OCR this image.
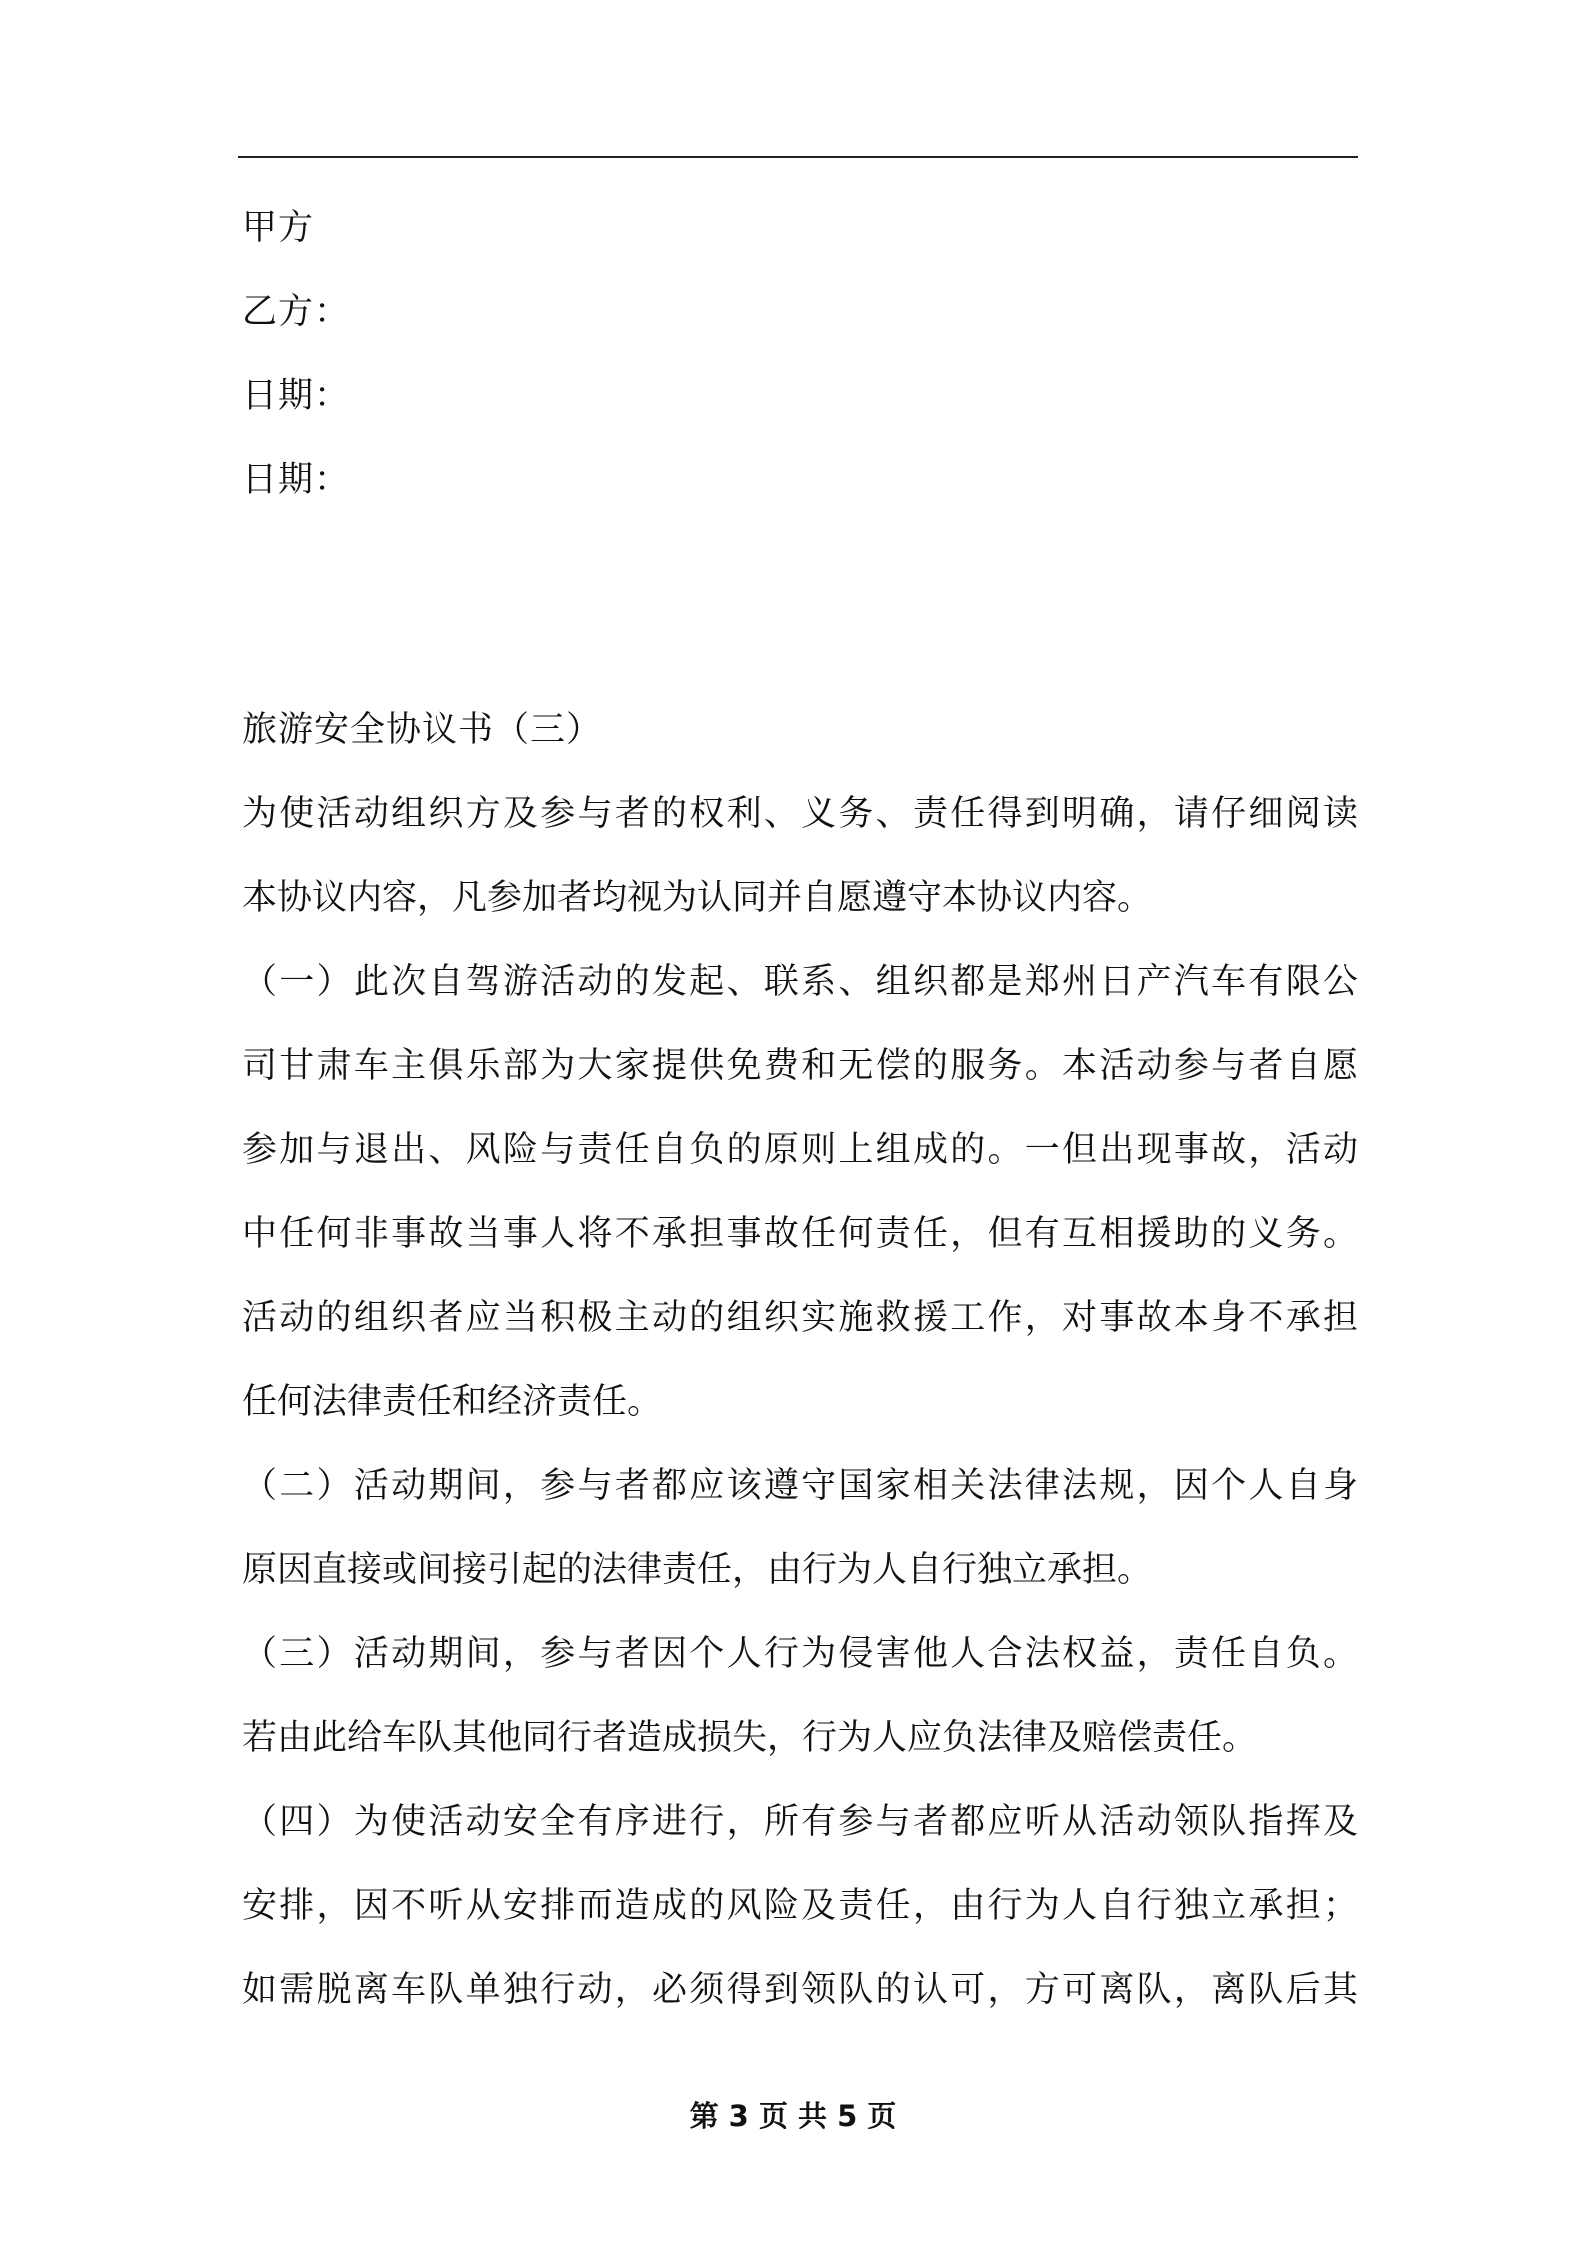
甲方
乙方：
日期：
日期：
旅游安全协议书（三）
为使活动组织方及参与者的权利、义务、责任得到明确，请仔细阅读
本协议内容，凡参加者均视为认同并自愿遵守本协议内容。
（一）此次自驾游活动的发起、联系、组织都是郑州日产汽车有限公
司甘肃车主俱乐部为大家提供免费和无偿的服务。本活动参与者自愿
参加与退出、风险与责任自负的原则上组成的。一但出现事故，活动
中任何非事故当事人将不承担事故任何责任，但有互相援助的义务。
活动的组织者应当积极主动的组织实施救援工作，对事故本身不承担
任何法律责任和经济责任。
（二）活动期间，参与者都应该遵守国家相关法律法规，因个人自身
原因直接或间接引起的法律责任，由行为人自行独立承担。
（三）活动期间，参与者因个人行为侵害他人合法权益，责任自负。
若由此给车队其他同行者造成损失，行为人应负法律及赔偿责任。
（四）为使活动安全有序进行，所有参与者都应听从活动领队指挥及
安排，因不听从安排而造成的风险及责任，由行为人自行独立承担；
如需脱离车队单独行动，必须得到领队的认可，方可离队，离队后其
第 3 页 共 5 页
